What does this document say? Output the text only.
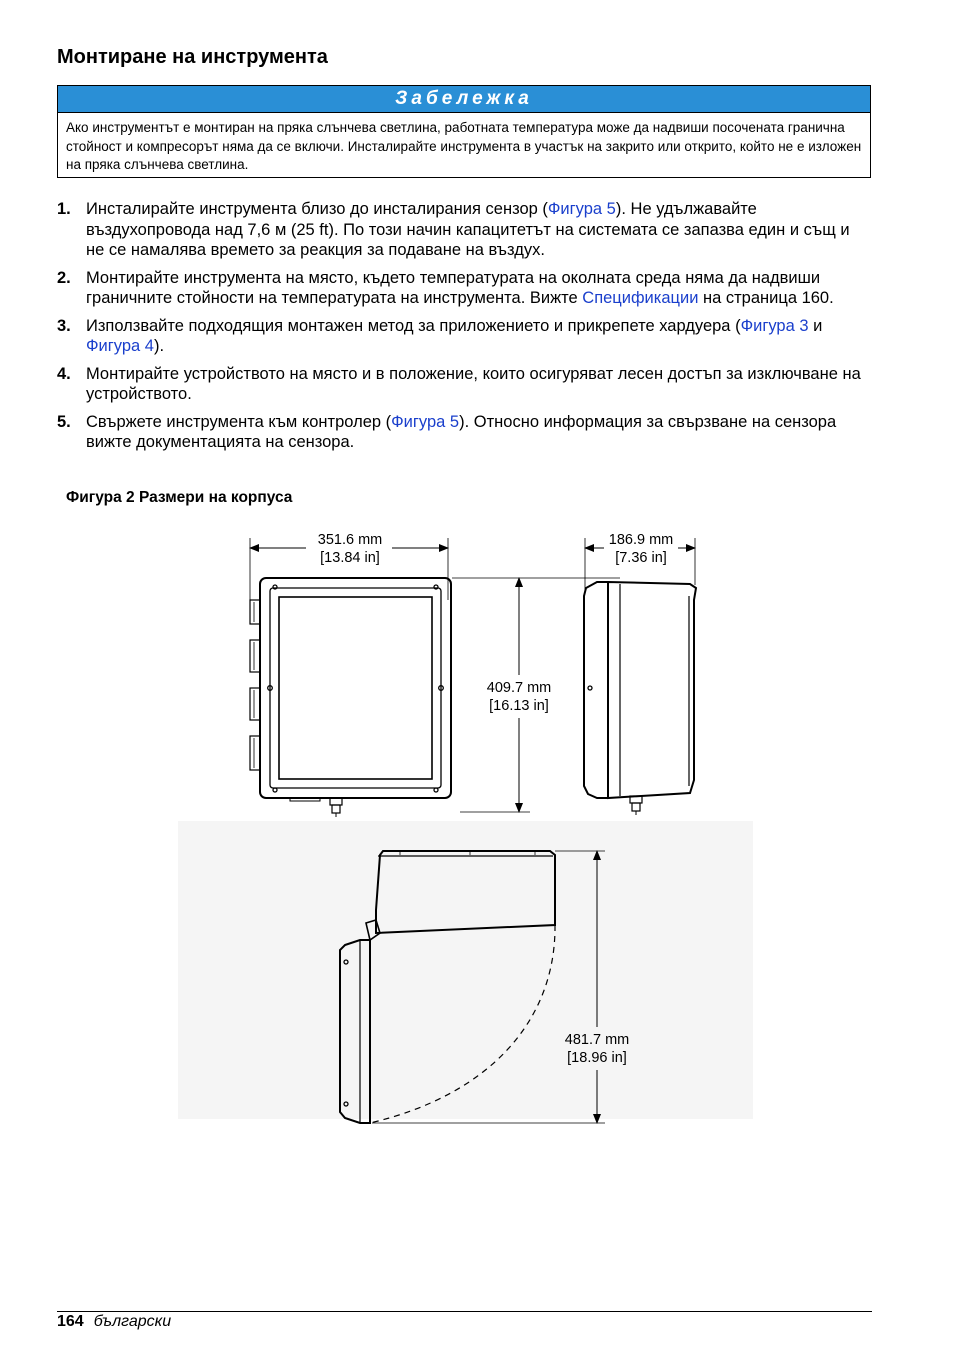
Монтиране на инструмента
Забележка
Ако инструментът е монтиран на пряка слънчева светлина, работната температура може да надвиши посочената гранична стойност и компресорът няма да се включи. Инсталирайте инструмента в участък на закрито или открито, който не е изложен на пряка слънчева светлина.
1. Инсталирайте инструмента близо до инсталирания сензор (Фигура 5). Не удължавайте въздухопровода над 7,6 м (25 ft). По този начин капацитетът на системата се запазва един и същ и не се намалява времето за реакция за подаване на въздух.
2. Монтирайте инструмента на място, където температурата на околната среда няма да надвиши граничните стойности на температурата на инструмента. Вижте Спецификации на страница 160.
3. Използвайте подходящия монтажен метод за приложението и прикрепете хардуера (Фигура 3 и Фигура 4).
4. Монтирайте устройството на място и в положение, които осигуряват лесен достъп за изключване на устройството.
5. Свържете инструмента към контролер (Фигура 5). Относно информация за свързване на сензора вижте документацията на сензора.
Фигура 2 Размери на корпуса
351.6 mm
[13.84 in]
186.9 mm
[7.36 in]
409.7 mm
[16.13 in]
481.7 mm
[18.96 in]
164 български
